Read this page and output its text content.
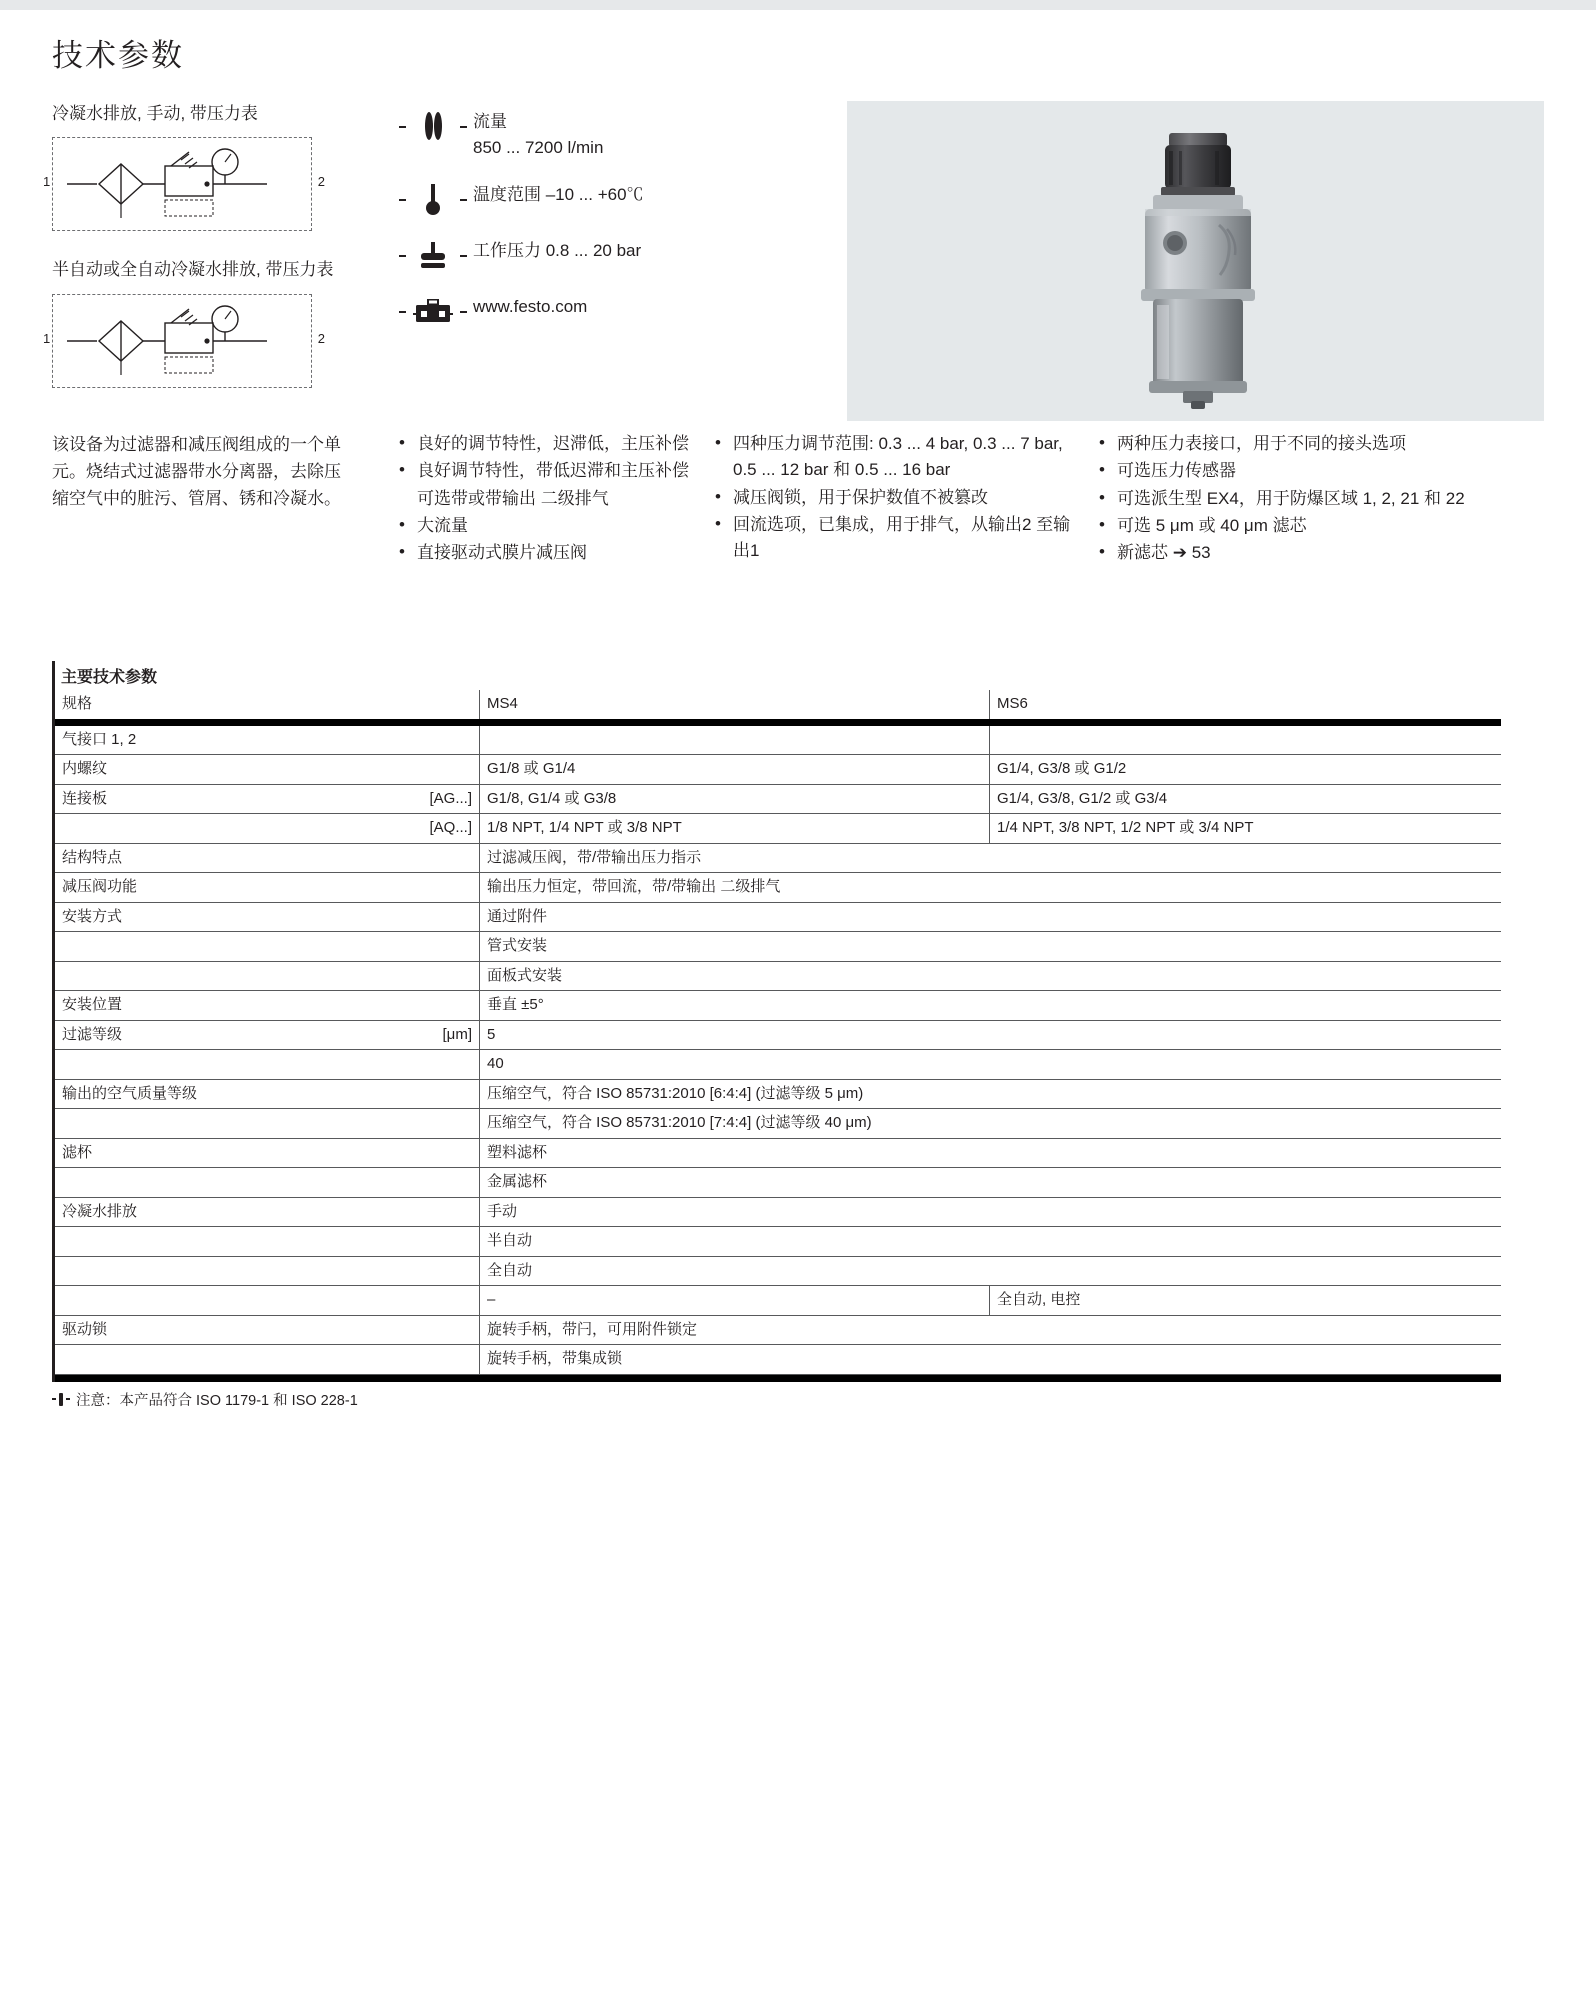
技术参数
冷凝水排放, 手动, 带压力表
1	2
半自动或全自动冷凝水排放, 带压力表
1	2
流量
850 ... 7200 l/min
温度范围 –10 ... +60℃
工作压力 0.8 ... 20 bar
www.festo.com
该设备为过滤器和减压阀组成的一个单元。烧结式过滤器带水分离器，去除压缩空气中的脏污、管屑、锈和冷凝水。
• 良好的调节特性，迟滞低，主压补偿
• 良好调节特性，带低迟滞和主压补偿
可选带或带输出 二级排气
• 大流量
• 直接驱动式膜片减压阀
• 四种压力调节范围: 0.3 ... 4 bar, 0.3 ... 7 bar, 0.5 ... 12 bar 和 0.5 ... 16 bar
• 减压阀锁，用于保护数值不被篡改
• 回流选项，已集成，用于排气，从输出2 至输出1
• 两种压力表接口，用于不同的接头选项
• 可选压力传感器
• 可选派生型 EX4，用于防爆区域 1, 2, 21 和 22
• 可选 5 μm 或 40 μm 滤芯
• 新滤芯 ➔ 53
主要技术参数
规格		MS4	MS6

气接口 1, 2			
内螺纹		G1/8 或 G1/4	G1/4, G3/8 或 G1/2
连接板	[AG...]	G1/8, G1/4 或 G3/8	G1/4, G3/8, G1/2 或 G3/4
	[AQ...]	1/8 NPT, 1/4 NPT 或 3/8 NPT	1/4 NPT, 3/8 NPT, 1/2 NPT 或 3/4 NPT
结构特点		过滤减压阀，带/带输出压力指示	
减压阀功能		输出压力恒定，带回流，带/带输出 二级排气	
安装方式		通过附件	
		管式安装	
		面板式安装	
安装位置		垂直 ±5°	
过滤等级	[μm]	5	
		40	
输出的空气质量等级		压缩空气，符合 ISO 85731:2010 [6:4:4] (过滤等级 5 μm)	
		压缩空气，符合 ISO 85731:2010 [7:4:4] (过滤等级 40 μm)	
滤杯		塑料滤杯	
		金属滤杯	
冷凝水排放		手动	
		半自动	
		全自动	
		–	全自动, 电控
驱动锁		旋转手柄，带闩，可用附件锁定	
		旋转手柄，带集成锁	

注意：本产品符合 ISO 1179-1 和 ISO 228-1
